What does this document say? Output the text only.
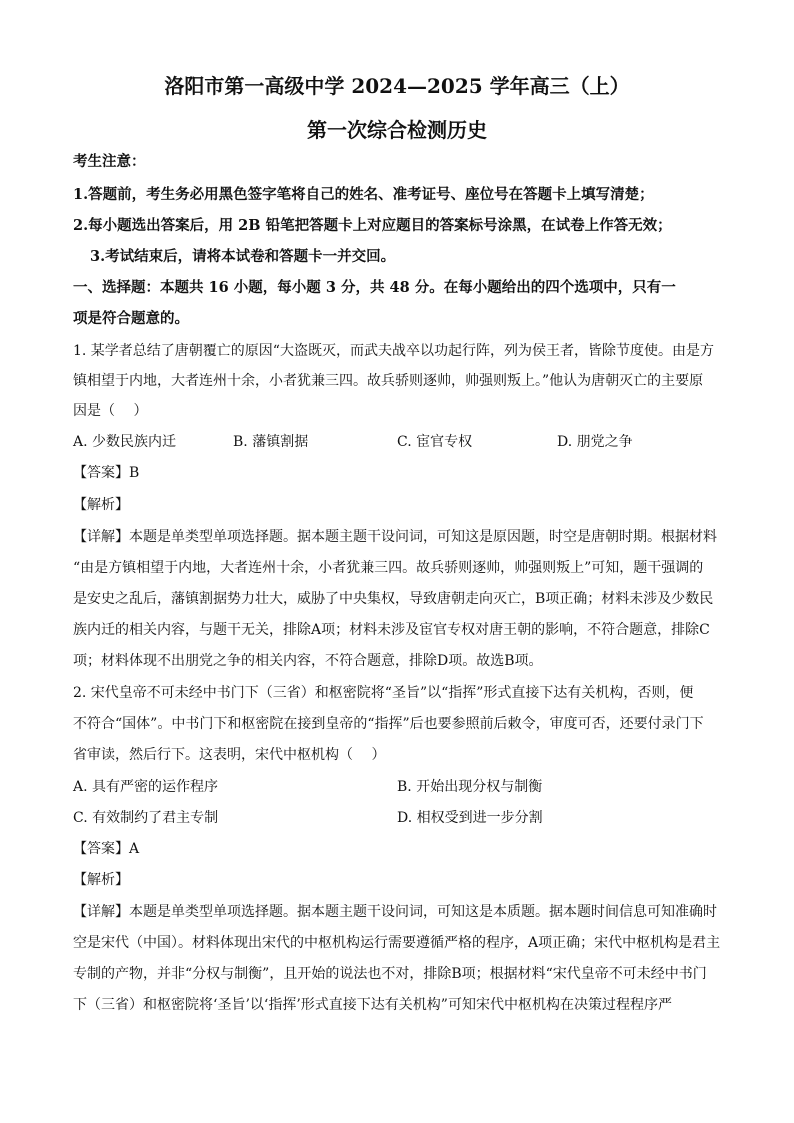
洛阳市第一高级中学 2024—2025 学年高三（上）
第一次综合检测历史
考生注意：
1.答题前，考生务必用黑色签字笔将自己的姓名、准考证号、座位号在答题卡上填写清楚；
2.每小题选出答案后，用 2B 铅笔把答题卡上对应题目的答案标号涂黑，在试卷上作答无效；
3.考试结束后，请将本试卷和答题卡一并交回。
一、选择题：本题共 16 小题，每小题 3 分，共 48 分。在每小题给出的四个选项中，只有一
项是符合题意的。
1. 某学者总结了唐朝覆亡的原因“大盗既灭，而武夫战卒以功起行阵，列为侯王者，皆除节度使。由是方
镇相望于内地，大者连州十余，小者犹兼三四。故兵骄则逐帅，帅强则叛上。”他认为唐朝灭亡的主要原
因是（　 ）
A. 少数民族内迁	B. 藩镇割据	C. 宦官专权	D. 朋党之争
【答案】B
【解析】
【详解】本题是单类型单项选择题。据本题主题干设问词，可知这是原因题，时空是唐朝时期。根据材料
“由是方镇相望于内地，大者连州十余，小者犹兼三四。故兵骄则逐帅，帅强则叛上”可知，题干强调的
是安史之乱后，藩镇割据势力壮大，威胁了中央集权，导致唐朝走向灭亡，B项正确；材料未涉及少数民
族内迁的相关内容，与题干无关，排除A项；材料未涉及宦官专权对唐王朝的影响，不符合题意，排除C
项；材料体现不出朋党之争的相关内容，不符合题意，排除D项。故选B项。
2. 宋代皇帝不可未经中书门下（三省）和枢密院将“圣旨”以“指挥”形式直接下达有关机构，否则，便
不符合“国体”。中书门下和枢密院在接到皇帝的“指挥”后也要参照前后敕令，审度可否，还要付录门下
省审读，然后行下。这表明，宋代中枢机构（　 ）
A. 具有严密的运作程序	B. 开始出现分权与制衡
C. 有效制约了君主专制	D. 相权受到进一步分割
【答案】A
【解析】
【详解】本题是单类型单项选择题。据本题主题干设问词，可知这是本质题。据本题时间信息可知准确时
空是宋代（中国）。材料体现出宋代的中枢机构运行需要遵循严格的程序，A项正确；宋代中枢机构是君主
专制的产物，并非“分权与制衡”，且开始的说法也不对，排除B项；根据材料“宋代皇帝不可未经中书门
下（三省）和枢密院将‘圣旨’以‘指挥’形式直接下达有关机构”可知宋代中枢机构在决策过程程序严
